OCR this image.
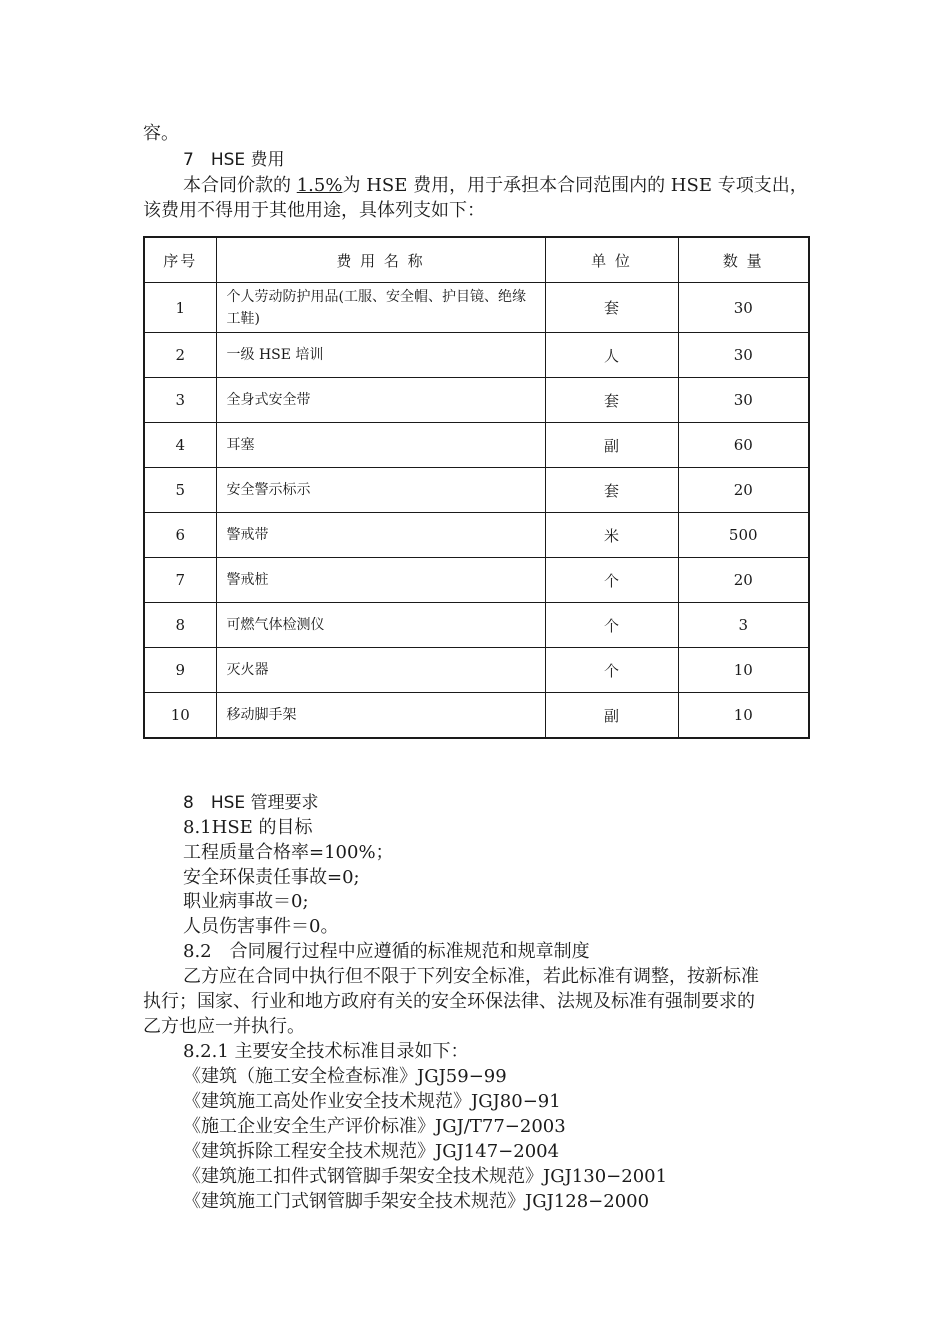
容。
7　HSE 费用
本合同价款的 1.5%为 HSE 费用，用于承担本合同范围内的 HSE 专项支出，
该费用不得用于其他用途，具体列支如下：
序号	费 用 名 称	单 位	数 量
1	个人劳动防护用品(工服、安全帽、护目镜、绝缘工鞋)	套	30
2	一级 HSE 培训	人	30
3	全身式安全带	套	30
4	耳塞	副	60
5	安全警示标示	套	20
6	警戒带	米	500
7	警戒桩	个	20
8	可燃气体检测仪	个	3
9	灭火器	个	10
10	移动脚手架	副	10
8　HSE 管理要求
8.1HSE 的目标
工程质量合格率=100%；
安全环保责任事故=0;
职业病事故＝0;
人员伤害事件＝0。
8.2　合同履行过程中应遵循的标准规范和规章制度
乙方应在合同中执行但不限于下列安全标准，若此标准有调整，按新标准
执行；国家、行业和地方政府有关的安全环保法律、法规及标准有强制要求的
乙方也应一并执行。
8.2.1 主要安全技术标准目录如下：
《建筑（施工安全检查标准》JGJ59−99
《建筑施工高处作业安全技术规范》JGJ80−91
《施工企业安全生产评价标准》JGJ/T77−2003
《建筑拆除工程安全技术规范》JGJ147−2004
《建筑施工扣件式钢管脚手架安全技术规范》JGJ130−2001
《建筑施工门式钢管脚手架安全技术规范》JGJ128−2000
